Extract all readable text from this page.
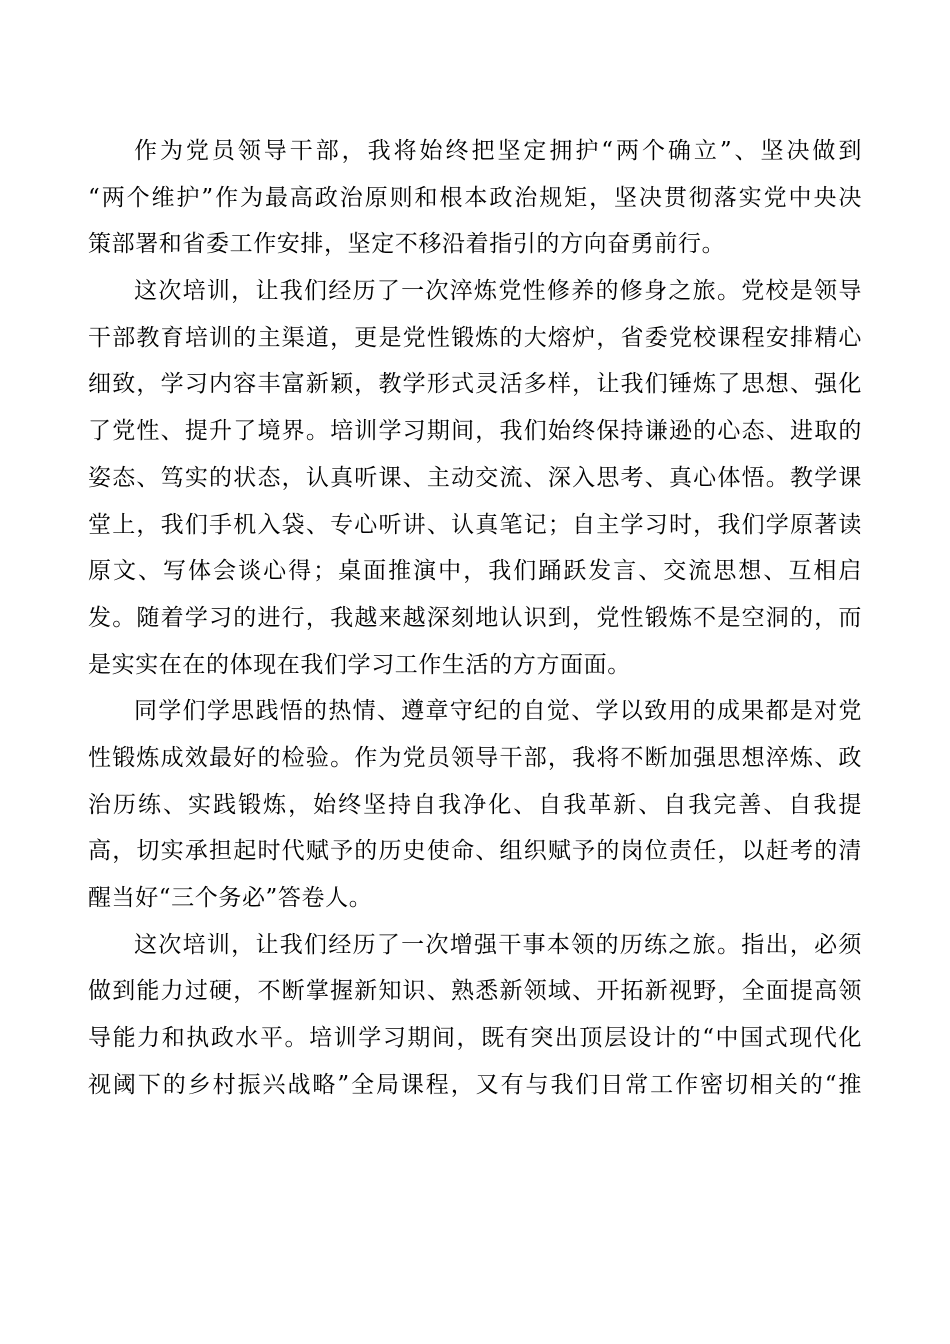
作为党员领导干部，我将始终把坚定拥护“两个确立”、坚决做到
“两个维护”作为最高政治原则和根本政治规矩，坚决贯彻落实党中央决
策部署和省委工作安排，坚定不移沿着指引的方向奋勇前行。
这次培训，让我们经历了一次淬炼党性修养的修身之旅。党校是领导
干部教育培训的主渠道，更是党性锻炼的大熔炉，省委党校课程安排精心
细致，学习内容丰富新颖，教学形式灵活多样，让我们锤炼了思想、强化
了党性、提升了境界。培训学习期间，我们始终保持谦逊的心态、进取的
姿态、笃实的状态，认真听课、主动交流、深入思考、真心体悟。教学课
堂上，我们手机入袋、专心听讲、认真笔记；自主学习时，我们学原著读
原文、写体会谈心得；桌面推演中，我们踊跃发言、交流思想、互相启
发。随着学习的进行，我越来越深刻地认识到，党性锻炼不是空洞的，而
是实实在在的体现在我们学习工作生活的方方面面。
同学们学思践悟的热情、遵章守纪的自觉、学以致用的成果都是对党
性锻炼成效最好的检验。作为党员领导干部，我将不断加强思想淬炼、政
治历练、实践锻炼，始终坚持自我净化、自我革新、自我完善、自我提
高，切实承担起时代赋予的历史使命、组织赋予的岗位责任，以赶考的清
醒当好“三个务必”答卷人。
这次培训，让我们经历了一次增强干事本领的历练之旅。指出，必须
做到能力过硬，不断掌握新知识、熟悉新领域、开拓新视野，全面提高领
导能力和执政水平。培训学习期间，既有突出顶层设计的“中国式现代化
视阈下的乡村振兴战略”全局课程，又有与我们日常工作密切相关的“推
